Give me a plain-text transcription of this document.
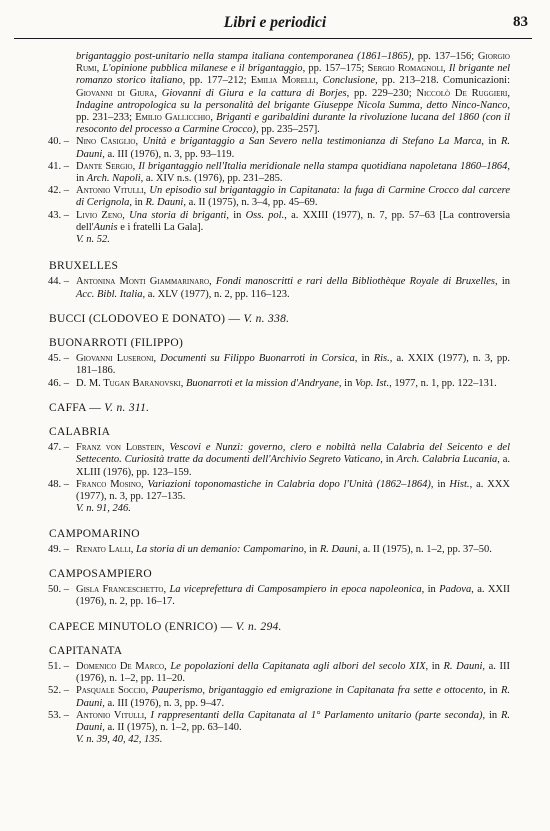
Libri e periodici	83

brigantaggio post-unitario nella stampa italiana contemporanea (1861–1865), pp. 137–156; Giorgio Rumi, L'opinione pubblica milanese e il brigantaggio, pp. 157–175; Sergio Romagnoli, Il brigante nel romanzo storico italiano, pp. 177–212; Emilia Morelli, Conclusione, pp. 213–218. Comunicazioni: Giovanni di Giura, Giovanni di Giura e la cattura di Borjes, pp. 229–230; Niccolò De Ruggieri, Indagine antropologica su la personalità del brigante Giuseppe Nicola Summa, detto Ninco-Nanco, pp. 231–233; Emilio Gallicchio, Briganti e garibaldini durante la rivoluzione lucana del 1860 (con il resoconto del processo a Carmine Crocco), pp. 235–257].

40. – Nino Casiglio, Unità e brigantaggio a San Severo nella testimonianza di Stefano La Marca, in R. Dauni, a. III (1976), n. 3, pp. 93–119.

41. – Dante Sergio, Il brigantaggio nell'Italia meridionale nella stampa quotidiana napoletana 1860–1864, in Arch. Napoli, a. XIV n.s. (1976), pp. 231–285.

42. – Antonio Vitulli, Un episodio sul brigantaggio in Capitanata: la fuga di Carmine Crocco dal carcere di Cerignola, in R. Dauni, a. II (1975), n. 3–4, pp. 45–69.

43. – Livio Zeno, Una storia di briganti, in Oss. pol., a. XXIII (1977), n. 7, pp. 57–63 [La controversia dell'Aunis e i fratelli La Gala].
V. n. 52.

BRUXELLES

44. – Antonina Monti Giammarinaro, Fondi manoscritti e rari della Bibliothèque Royale di Bruxelles, in Acc. Bibl. Italia, a. XLV (1977), n. 2, pp. 116–123.

BUCCI (CLODOVEO E DONATO) — V. n. 338.

BUONARROTI (FILIPPO)

45. – Giovanni Luseroni, Documenti su Filippo Buonarroti in Corsica, in Ris., a. XXIX (1977), n. 3, pp. 181–186.

46. – D. M. Tugan Baranovski, Buonarroti et la mission d'Andryane, in Vop. Ist., 1977, n. 1, pp. 122–131.

CAFFA — V. n. 311.

CALABRIA

47. – Franz von Lobstein, Vescovi e Nunzi: governo, clero e nobiltà nella Calabria del Seicento e del Settecento. Curiosità tratte da documenti dell'Archivio Segreto Vaticano, in Arch. Calabria Lucania, a. XLIII (1976), pp. 123–159.

48. – Franco Mosino, Variazioni toponomastiche in Calabria dopo l'Unità (1862–1864), in Hist., a. XXX (1977), n. 3, pp. 127–135.
V. n. 91, 246.

CAMPOMARINO

49. – Renato Lalli, La storia di un demanio: Campomarino, in R. Dauni, a. II (1975), n. 1–2, pp. 37–50.

CAMPOSAMPIERO

50. – Gisla Franceschetto, La viceprefettura di Camposampiero in epoca napoleonica, in Padova, a. XXII (1976), n. 2, pp. 16–17.

CAPECE MINUTOLO (ENRICO) — V. n. 294.

CAPITANATA

51. – Domenico De Marco, Le popolazioni della Capitanata agli albori del secolo XIX, in R. Dauni, a. III (1976), n. 1–2, pp. 11–20.

52. – Pasquale Soccio, Pauperismo, brigantaggio ed emigrazione in Capitanata fra sette e ottocento, in R. Dauni, a. III (1976), n. 3, pp. 9–47.

53. – Antonio Vitulli, I rappresentanti della Capitanata al 1° Parlamento unitario (parte seconda), in R. Dauni, a. II (1975), n. 1–2, pp. 63–140.
V. n. 39, 40, 42, 135.
